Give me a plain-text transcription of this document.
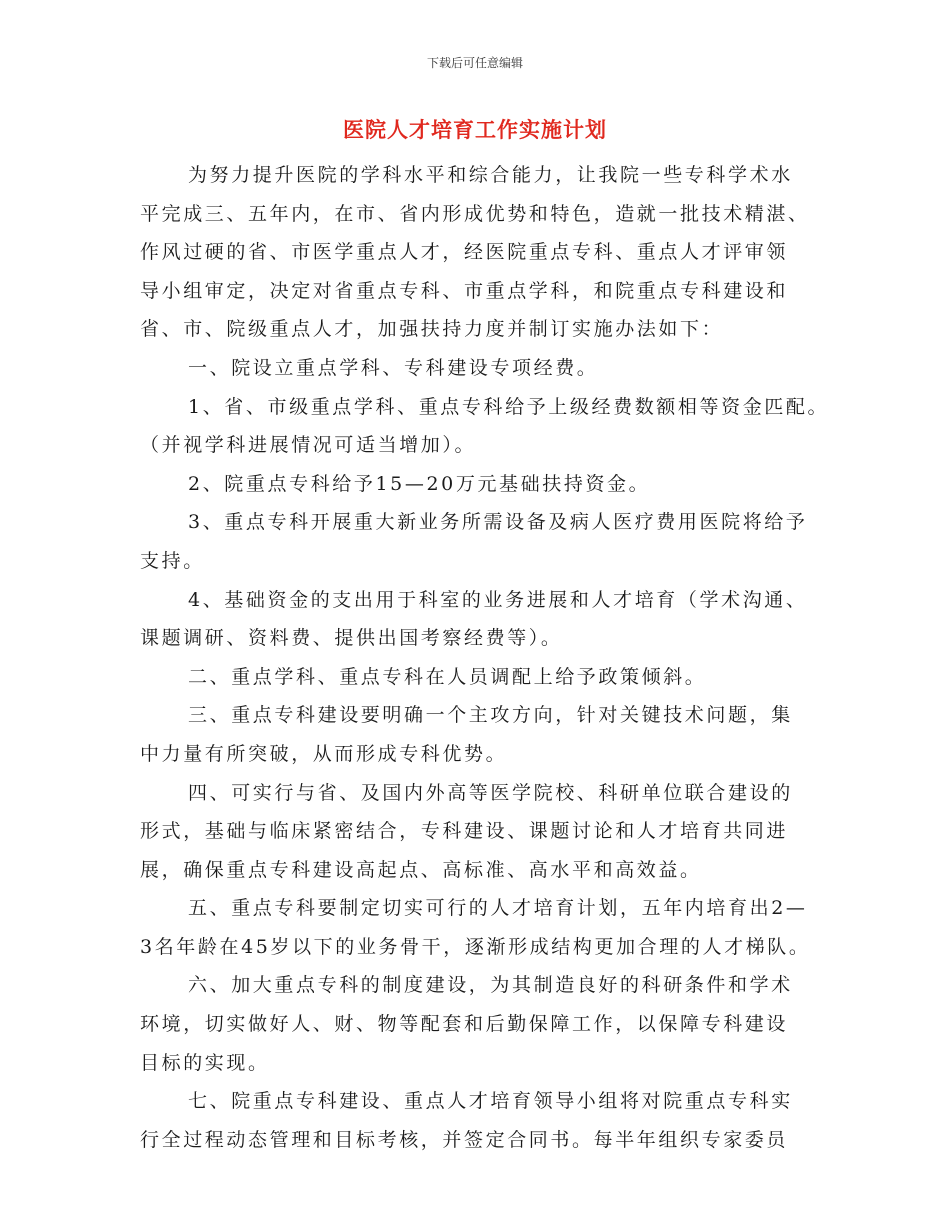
下载后可任意编辑
医院人才培育工作实施计划
为努力提升医院的学科水平和综合能力，让我院一些专科学术水
平完成三、五年内，在市、省内形成优势和特色，造就一批技术精湛、
作风过硬的省、市医学重点人才，经医院重点专科、重点人才评审领
导小组审定，决定对省重点专科、市重点学科，和院重点专科建设和
省、市、院级重点人才，加强扶持力度并制订实施办法如下：
一、院设立重点学科、专科建设专项经费。
1、省、市级重点学科、重点专科给予上级经费数额相等资金匹配。
（并视学科进展情况可适当增加）。
2、院重点专科给予15—20万元基础扶持资金。
3、重点专科开展重大新业务所需设备及病人医疗费用医院将给予
支持。
4、基础资金的支出用于科室的业务进展和人才培育（学术沟通、
课题调研、资料费、提供出国考察经费等）。
二、重点学科、重点专科在人员调配上给予政策倾斜。
三、重点专科建设要明确一个主攻方向，针对关键技术问题，集
中力量有所突破，从而形成专科优势。
四、可实行与省、及国内外高等医学院校、科研单位联合建设的
形式，基础与临床紧密结合，专科建设、课题讨论和人才培育共同进
展，确保重点专科建设高起点、高标准、高水平和高效益。
五、重点专科要制定切实可行的人才培育计划，五年内培育出2—
3名年龄在45岁以下的业务骨干，逐渐形成结构更加合理的人才梯队。
六、加大重点专科的制度建设，为其制造良好的科研条件和学术
环境，切实做好人、财、物等配套和后勤保障工作，以保障专科建设
目标的实现。
七、院重点专科建设、重点人才培育领导小组将对院重点专科实
行全过程动态管理和目标考核，并签定合同书。每半年组织专家委员
